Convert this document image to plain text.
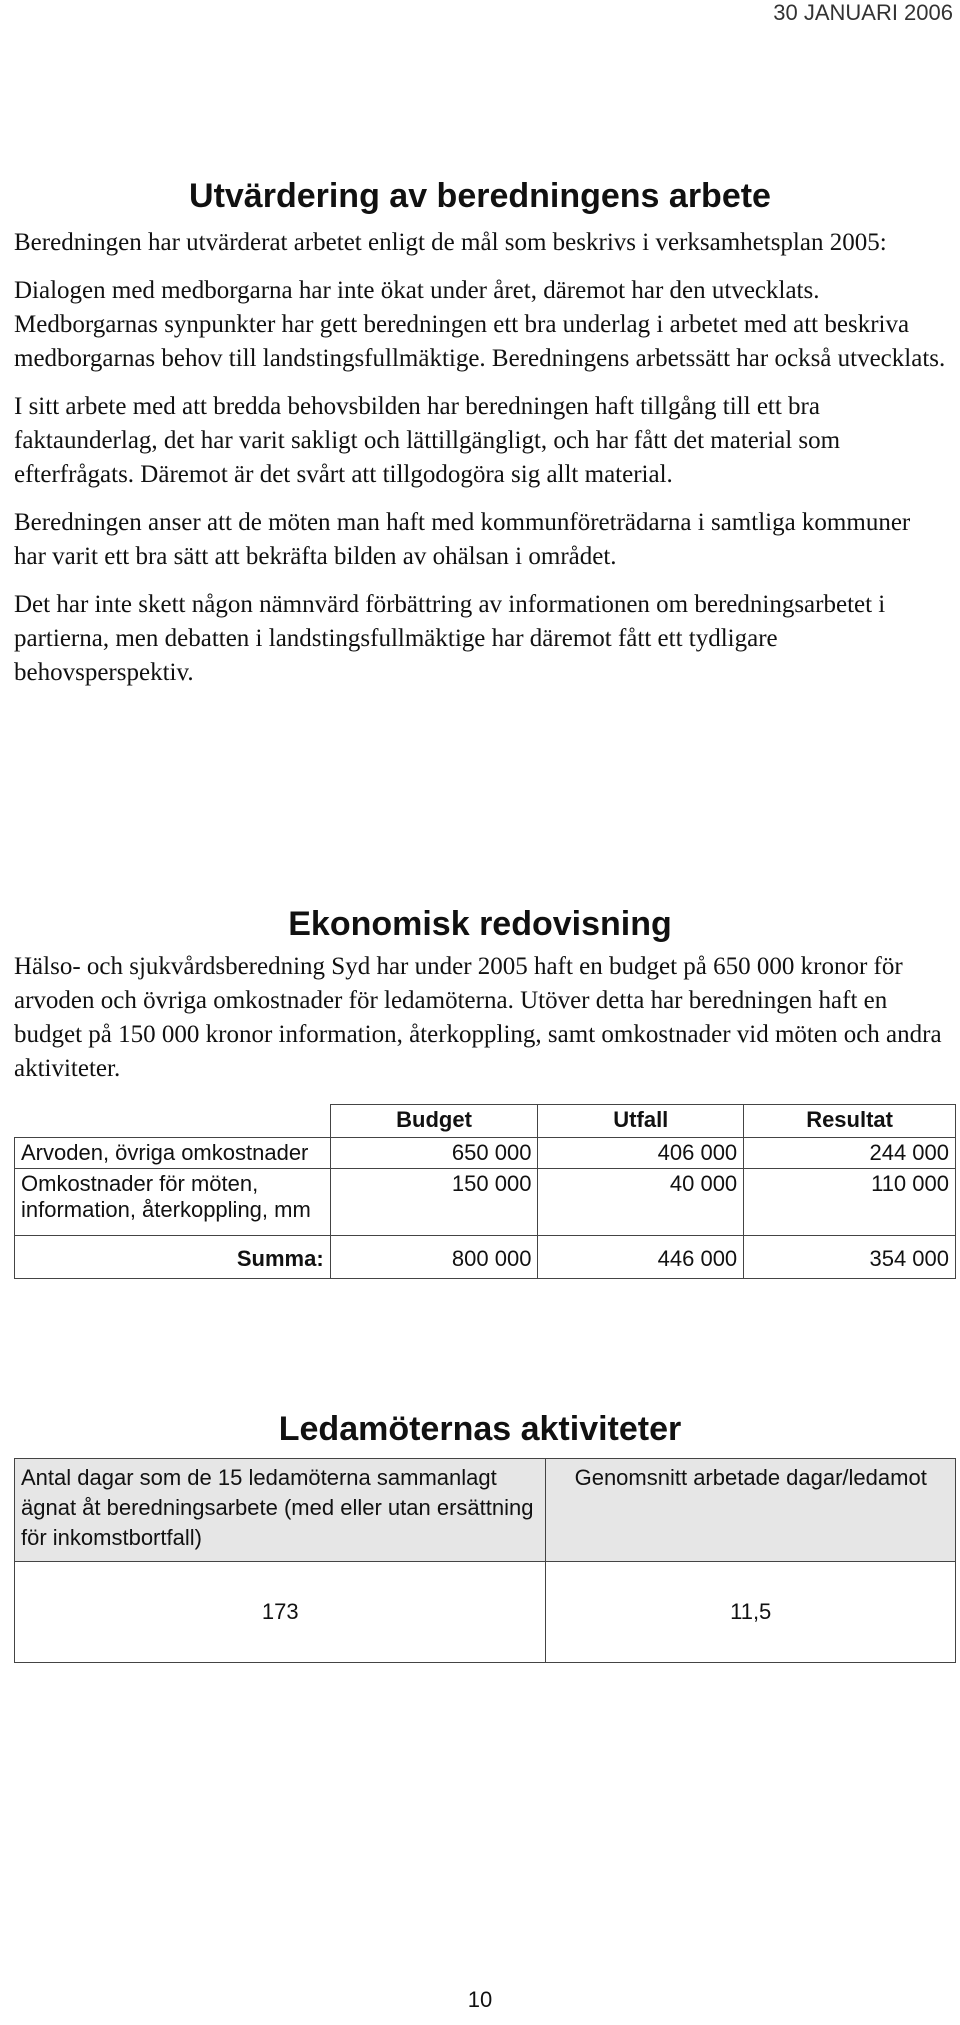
30 JANUARI 2006
Utvärdering av beredningens arbete

Beredningen har utvärderat arbetet enligt de mål som beskrivs i verksamhetsplan 2005:

Dialogen med medborgarna har inte ökat under året, däremot har den utvecklats. Medborgarnas synpunkter har gett beredningen ett bra underlag i arbetet med att beskriva medborgarnas behov till landstingsfullmäktige. Beredningens arbetssätt har också utvecklats.

I sitt arbete med att bredda behovsbilden har beredningen haft tillgång till ett bra faktaunderlag, det har varit sakligt och lättillgängligt, och har fått det material som efterfrågats. Däremot är det svårt att tillgodogöra sig allt material.

Beredningen anser att de möten man haft med kommunföreträdarna i samtliga kommuner har varit ett bra sätt att bekräfta bilden av ohälsan i området.

Det har inte skett någon nämnvärd förbättring av informationen om beredningsarbetet i partierna, men debatten i landstingsfullmäktige har däremot fått ett tydligare behovsperspektiv.

Ekonomisk redovisning

Hälso- och sjukvårdsberedning Syd har under 2005 haft en budget på 650 000 kronor för arvoden och övriga omkostnader för ledamöterna. Utöver detta har beredningen haft en budget på 150 000 kronor information, återkoppling, samt omkostnader vid möten och andra aktiviteter.

	Budget	Utfall	Resultat
Arvoden, övriga omkostnader	650 000	406 000	244 000
Omkostnader för möten, information, återkoppling, mm	150 000	40 000	110 000
Summa:	800 000	446 000	354 000
Ledamöternas aktiviteter
Antal dagar som de 15 ledamöterna sammanlagt ägnat åt beredningsarbete (med eller utan ersättning för inkomstbortfall)	Genomsnitt arbetade dagar/ledamot
173	11,5
10
